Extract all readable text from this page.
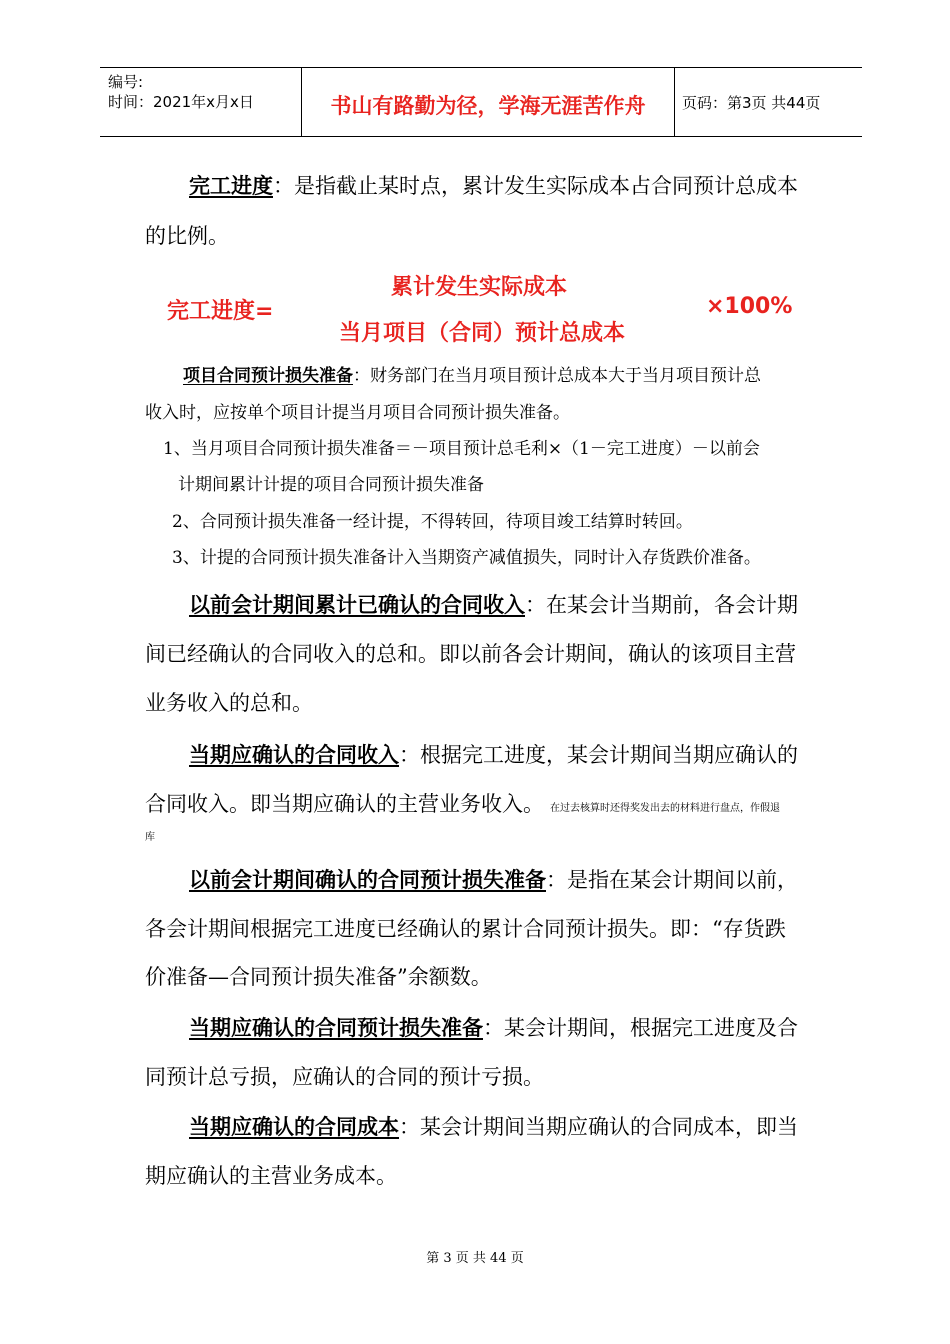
编号:
时间：2021年x月x日	书山有路勤为径，学海无涯苦作舟	页码：第3页 共44页
完工进度：是指截止某时点，累计发生实际成本占合同预计总成本
的比例。
完工进度=
累计发生实际成本
当月项目（合同）预计总成本
×100%
项目合同预计损失准备：财务部门在当月项目预计总成本大于当月项目预计总
收入时，应按单个项目计提当月项目合同预计损失准备。
1、当月项目合同预计损失准备＝－项目预计总毛利×（1－完工进度）－以前会
计期间累计计提的项目合同预计损失准备
2、合同预计损失准备一经计提，不得转回，待项目竣工结算时转回。
3、计提的合同预计损失准备计入当期资产减值损失，同时计入存货跌价准备。
以前会计期间累计已确认的合同收入：在某会计当期前，各会计期
间已经确认的合同收入的总和。即以前各会计期间，确认的该项目主营
业务收入的总和。
当期应确认的合同收入：根据完工进度，某会计期间当期应确认的
合同收入。即当期应确认的主营业务收入。 在过去核算时还得奖发出去的材料进行盘点，作假退
库
以前会计期间确认的合同预计损失准备：是指在某会计期间以前，
各会计期间根据完工进度已经确认的累计合同预计损失。即：“存货跌
价准备—合同预计损失准备”余额数。
当期应确认的合同预计损失准备：某会计期间，根据完工进度及合
同预计总亏损，应确认的合同的预计亏损。
当期应确认的合同成本：某会计期间当期应确认的合同成本，即当
期应确认的主营业务成本。
第 3 页 共 44 页
